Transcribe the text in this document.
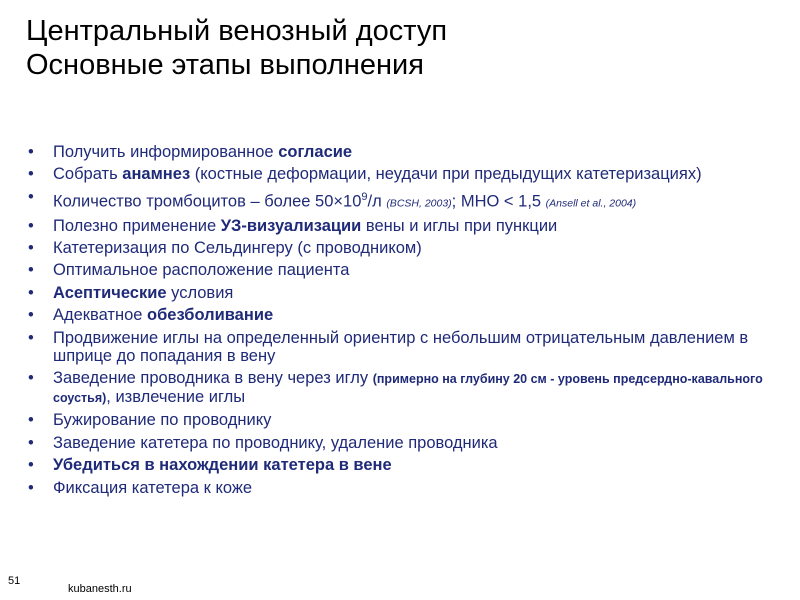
Центральный венозный доступ
Основные этапы выполнения
• Получить информированное согласие
• Собрать анамнез (костные деформации, неудачи при предыдущих катетеризациях)
• Количество тромбоцитов – более $50\times 10^9/л$ (BCSH, 2003); МНО < 1,5 (Ansell et al., 2004)
• Полезно применение УЗ-визуализации вены и иглы при пункции
• Катетеризация по Сельдингеру (с проводником)
• Оптимальное расположение пациента
• Асептические условия
• Адекватное обезболивание
• Продвижение иглы на определенный ориентир с небольшим отрицательным давлением в шприце до попадания в вену
• Заведение проводника в вену через иглу (примерно на глубину 20 см - уровень предсердно-кавального соустья), извлечение иглы
• Бужирование по проводнику
• Заведение катетера по проводнику, удаление проводника
• Убедиться в нахождении катетера в вене
• Фиксация катетера к коже
51
kubanesth.ru
